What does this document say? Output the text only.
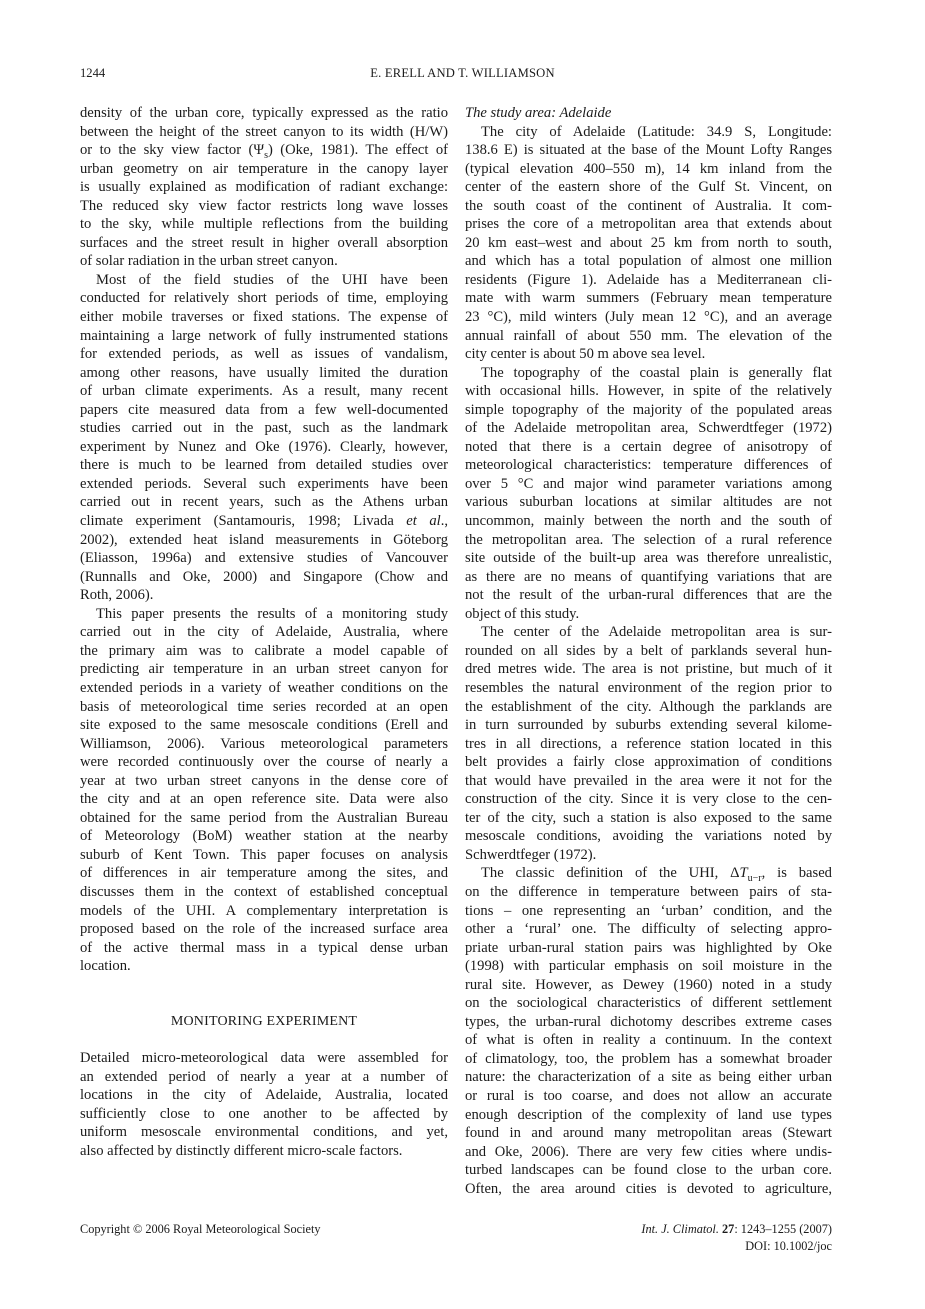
1244	E. ERELL AND T. WILLIAMSON
density of the urban core, typically expressed as the ratio
between the height of the street canyon to its width (H/W)
or to the sky view factor $(\Psi_s)$ (Oke, 1981). The effect of
urban geometry on air temperature in the canopy layer
is usually explained as modification of radiant exchange:
The reduced sky view factor restricts long wave losses
to the sky, while multiple reflections from the building
surfaces and the street result in higher overall absorption
of solar radiation in the urban street canyon.
Most of the field studies of the UHI have been
conducted for relatively short periods of time, employing
either mobile traverses or fixed stations. The expense of
maintaining a large network of fully instrumented stations
for extended periods, as well as issues of vandalism,
among other reasons, have usually limited the duration
of urban climate experiments. As a result, many recent
papers cite measured data from a few well-documented
studies carried out in the past, such as the landmark
experiment by Nunez and Oke (1976). Clearly, however,
there is much to be learned from detailed studies over
extended periods. Several such experiments have been
carried out in recent years, such as the Athens urban
climate experiment (Santamouris, 1998; Livada et al.,
2002), extended heat island measurements in Göteborg
(Eliasson, 1996a) and extensive studies of Vancouver
(Runnalls and Oke, 2000) and Singapore (Chow and
Roth, 2006).
This paper presents the results of a monitoring study
carried out in the city of Adelaide, Australia, where
the primary aim was to calibrate a model capable of
predicting air temperature in an urban street canyon for
extended periods in a variety of weather conditions on the
basis of meteorological time series recorded at an open
site exposed to the same mesoscale conditions (Erell and
Williamson, 2006). Various meteorological parameters
were recorded continuously over the course of nearly a
year at two urban street canyons in the dense core of
the city and at an open reference site. Data were also
obtained for the same period from the Australian Bureau
of Meteorology (BoM) weather station at the nearby
suburb of Kent Town. This paper focuses on analysis
of differences in air temperature among the sites, and
discusses them in the context of established conceptual
models of the UHI. A complementary interpretation is
proposed based on the role of the increased surface area
of the active thermal mass in a typical dense urban
location.
MONITORING EXPERIMENT
Detailed micro-meteorological data were assembled for
an extended period of nearly a year at a number of
locations in the city of Adelaide, Australia, located
sufficiently close to one another to be affected by
uniform mesoscale environmental conditions, and yet,
also affected by distinctly different micro-scale factors.
The study area: Adelaide
The city of Adelaide (Latitude: 34.9 S, Longitude:
138.6 E) is situated at the base of the Mount Lofty Ranges
(typical elevation 400–550 m), 14 km inland from the
center of the eastern shore of the Gulf St. Vincent, on
the south coast of the continent of Australia. It com-
prises the core of a metropolitan area that extends about
20 km east–west and about 25 km from north to south,
and which has a total population of almost one million
residents (Figure 1). Adelaide has a Mediterranean cli-
mate with warm summers (February mean temperature
23 °C), mild winters (July mean 12 °C), and an average
annual rainfall of about 550 mm. The elevation of the
city center is about 50 m above sea level.
The topography of the coastal plain is generally flat
with occasional hills. However, in spite of the relatively
simple topography of the majority of the populated areas
of the Adelaide metropolitan area, Schwerdtfeger (1972)
noted that there is a certain degree of anisotropy of
meteorological characteristics: temperature differences of
over 5 °C and major wind parameter variations among
various suburban locations at similar altitudes are not
uncommon, mainly between the north and the south of
the metropolitan area. The selection of a rural reference
site outside of the built-up area was therefore unrealistic,
as there are no means of quantifying variations that are
not the result of the urban-rural differences that are the
object of this study.
The center of the Adelaide metropolitan area is sur-
rounded on all sides by a belt of parklands several hun-
dred metres wide. The area is not pristine, but much of it
resembles the natural environment of the region prior to
the establishment of the city. Although the parklands are
in turn surrounded by suburbs extending several kilome-
tres in all directions, a reference station located in this
belt provides a fairly close approximation of conditions
that would have prevailed in the area were it not for the
construction of the city. Since it is very close to the cen-
ter of the city, such a station is also exposed to the same
mesoscale conditions, avoiding the variations noted by
Schwerdtfeger (1972).
The classic definition of the UHI, $\Delta T_{u-r}$, is based
on the difference in temperature between pairs of sta-
tions – one representing an ‘urban’ condition, and the
other a ‘rural’ one. The difficulty of selecting appro-
priate urban-rural station pairs was highlighted by Oke
(1998) with particular emphasis on soil moisture in the
rural site. However, as Dewey (1960) noted in a study
on the sociological characteristics of different settlement
types, the urban-rural dichotomy describes extreme cases
of what is often in reality a continuum. In the context
of climatology, too, the problem has a somewhat broader
nature: the characterization of a site as being either urban
or rural is too coarse, and does not allow an accurate
enough description of the complexity of land use types
found in and around many metropolitan areas (Stewart
and Oke, 2006). There are very few cities where undis-
turbed landscapes can be found close to the urban core.
Often, the area around cities is devoted to agriculture,
Copyright © 2006 Royal Meteorological Society	Int. J. Climatol. 27: 1243–1255 (2007)
DOI: 10.1002/joc
